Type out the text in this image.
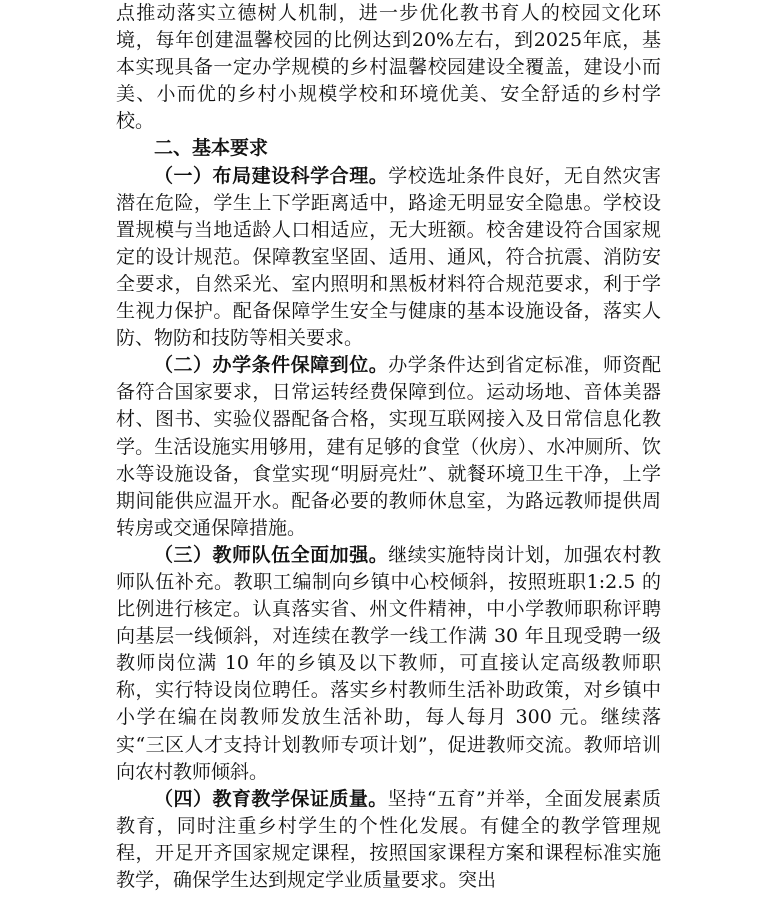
点推动落实立德树人机制，进一步优化教书育人的校园文化环境，每年创建温馨校园的比例达到20%左右，到2025年底，基本实现具备一定办学规模的乡村温馨校园建设全覆盖，建设小而美、小而优的乡村小规模学校和环境优美、安全舒适的乡村学校。

二、基本要求

（一）布局建设科学合理。学校选址条件良好，无自然灾害潜在危险，学生上下学距离适中，路途无明显安全隐患。学校设置规模与当地适龄人口相适应，无大班额。校舍建设符合国家规定的设计规范。保障教室坚固、适用、通风，符合抗震、消防安全要求，自然采光、室内照明和黑板材料符合规范要求，利于学生视力保护。配备保障学生安全与健康的基本设施设备，落实人防、物防和技防等相关要求。

（二）办学条件保障到位。办学条件达到省定标准，师资配备符合国家要求，日常运转经费保障到位。运动场地、音体美器材、图书、实验仪器配备合格，实现互联网接入及日常信息化教学。生活设施实用够用，建有足够的食堂（伙房）、水冲厕所、饮水等设施设备，食堂实现“明厨亮灶”、就餐环境卫生干净，上学期间能供应温开水。配备必要的教师休息室，为路远教师提供周转房或交通保障措施。

（三）教师队伍全面加强。继续实施特岗计划，加强农村教师队伍补充。教职工编制向乡镇中心校倾斜，按照班职1:2.5 的比例进行核定。认真落实省、州文件精神，中小学教师职称评聘向基层一线倾斜，对连续在教学一线工作满 30 年且现受聘一级教师岗位满 10 年的乡镇及以下教师，可直接认定高级教师职称，实行特设岗位聘任。落实乡村教师生活补助政策，对乡镇中小学在编在岗教师发放生活补助，每人每月 300 元。继续落实“三区人才支持计划教师专项计划”，促进教师交流。教师培训向农村教师倾斜。

（四）教育教学保证质量。坚持“五育”并举，全面发展素质教育，同时注重乡村学生的个性化发展。有健全的教学管理规程，开足开齐国家规定课程，按照国家课程方案和课程标准实施教学，确保学生达到规定学业质量要求。突出
